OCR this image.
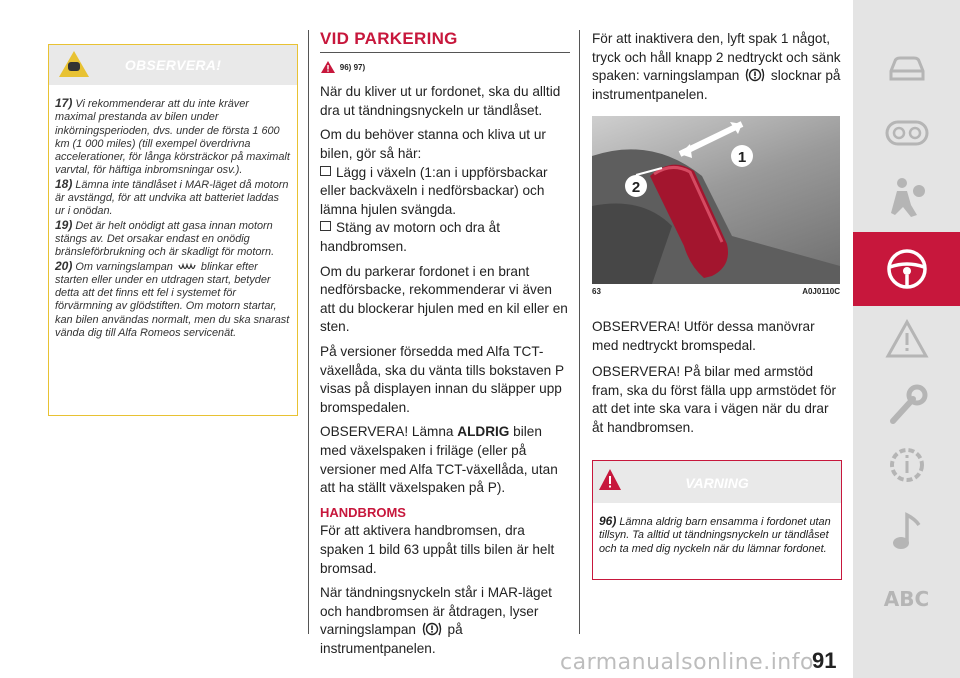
OBSERVERA!

17) Vi rekommenderar att du inte kräver maximal prestanda av bilen under inkörningsperioden, dvs. under de första 1 600 km (1 000 miles) (till exempel överdrivna accelerationer, för långa körsträckor på maximalt varvtal, för häftiga inbromsningar osv.).

18) Lämna inte tändlåset i MAR-läget då motorn är avstängd, för att undvika att batteriet laddas ur i onödan.

19) Det är helt onödigt att gasa innan motorn stängs av. Det orsakar endast en onödig bränsleförbrukning och är skadligt för motorn.

20) Om varningslampan	blinkar efter starten eller under en utdragen start, betyder detta att det finns ett fel i systemet för förvärmning av glödstiften. Om motorn startar, kan bilen användas normalt, men du ska snarast vända dig till Alfa Romeos servicenät.

VID PARKERING

96) 97)

När du kliver ut ur fordonet, ska du alltid dra ut tändningsnyckeln ur tändlåset.

Om du behöver stanna och kliva ut ur bilen, gör så här:

Lägg i växeln (1:an i uppförsbackar eller backväxeln i nedförsbackar) och lämna hjulen svängda.

Stäng av motorn och dra åt handbromsen.

Om du parkerar fordonet i en brant nedförsbacke, rekommenderar vi även att du blockerar hjulen med en kil eller en sten.

På versioner försedda med Alfa TCT-växellåda, ska du vänta tills bokstaven P visas på displayen innan du släpper upp bromspedalen.

OBSERVERA! Lämna ALDRIG bilen med växelspaken i friläge (eller på versioner med Alfa TCT-växellåda, utan att ha ställt växelspaken på P).

HANDBROMS

För att aktivera handbromsen, dra spaken 1 bild 63 uppåt tills bilen är helt bromsad.

När tändningsnyckeln står i MAR-läget och handbromsen är åtdragen, lyser varningslampan på instrumentpanelen.

För att inaktivera den, lyft spak 1 något, tryck och håll knapp 2 nedtryckt och sänk spaken: varningslampan slocknar på instrumentpanelen.

1
2
63	A0J0110C

OBSERVERA! Utför dessa manövrar med nedtryckt bromspedal.

OBSERVERA! På bilar med armstöd fram, ska du först fälla upp armstödet för att det inte ska vara i vägen när du drar åt handbromsen.

VARNING
96) Lämna aldrig barn ensamma i fordonet utan tillsyn. Ta alltid ut tändningsnyckeln ur tändlåset och ta med dig nyckeln när du lämnar fordonet.
ABC
carmanualsonline.info
91
